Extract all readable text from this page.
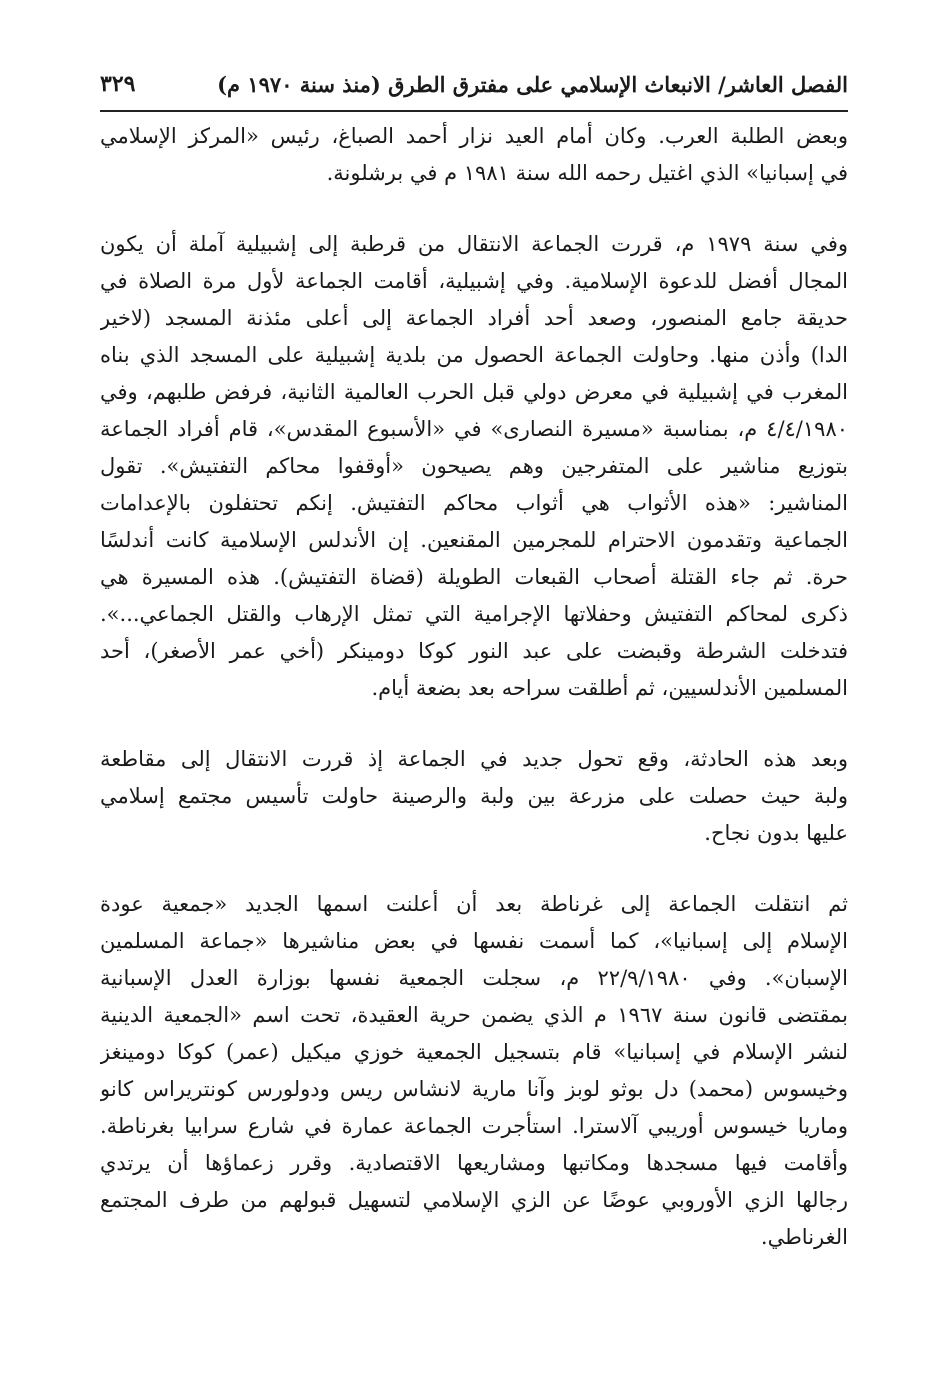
الفصل العاشر/ الانبعاث الإسلامي على مفترق الطرق (منذ سنة ١٩٧٠ م)
٣٢٩
وبعض الطلبة العرب. وكان أمام العيد نزار أحمد الصباغ، رئيس «المركز الإسلامي
في إسبانيا» الذي اغتيل رحمه الله سنة ١٩٨١ م في برشلونة.
وفي سنة ١٩٧٩ م، قررت الجماعة الانتقال من قرطبة إلى إشبيلية آملة أن يكون
المجال أفضل للدعوة الإسلامية. وفي إشبيلية، أقامت الجماعة لأول مرة الصلاة في
حديقة جامع المنصور، وصعد أحد أفراد الجماعة إلى أعلى مئذنة المسجد (لاخير
الدا) وأذن منها. وحاولت الجماعة الحصول من بلدية إشبيلية على المسجد الذي بناه
المغرب في إشبيلية في معرض دولي قبل الحرب العالمية الثانية، فرفض طلبهم، وفي
٤/٤/١٩٨٠ م، بمناسبة «مسيرة النصارى» في «الأسبوع المقدس»، قام أفراد الجماعة
بتوزيع مناشير على المتفرجين وهم يصيحون «أوقفوا محاكم التفتيش». تقول
المناشير: «هذه الأثواب هي أثواب محاكم التفتيش. إنكم تحتفلون بالإعدامات
الجماعية وتقدمون الاحترام للمجرمين المقنعين. إن الأندلس الإسلامية كانت أندلسًا
حرة. ثم جاء القتلة أصحاب القبعات الطويلة (قضاة التفتيش). هذه المسيرة هي
ذكرى لمحاكم التفتيش وحفلاتها الإجرامية التي تمثل الإرهاب والقتل الجماعي...».
فتدخلت الشرطة وقبضت على عبد النور كوكا دومينكر (أخي عمر الأصغر)، أحد
المسلمين الأندلسيين، ثم أطلقت سراحه بعد بضعة أيام.
وبعد هذه الحادثة، وقع تحول جديد في الجماعة إذ قررت الانتقال إلى مقاطعة
ولبة حيث حصلت على مزرعة بين ولبة والرصينة حاولت تأسيس مجتمع إسلامي
عليها بدون نجاح.
ثم انتقلت الجماعة إلى غرناطة بعد أن أعلنت اسمها الجديد «جمعية عودة
الإسلام إلى إسبانيا»، كما أسمت نفسها في بعض مناشيرها «جماعة المسلمين
الإسبان». وفي ٢٢/٩/١٩٨٠ م، سجلت الجمعية نفسها بوزارة العدل الإسبانية
بمقتضى قانون سنة ١٩٦٧ م الذي يضمن حرية العقيدة، تحت اسم «الجمعية الدينية
لنشر الإسلام في إسبانيا» قام بتسجيل الجمعية خوزي ميكيل (عمر) كوكا دومينغز
وخيسوس (محمد) دل بوثو لوبز وآنا مارية لانشاس ريس ودولورس كونتريراس كانو
وماريا خيسوس أوريبي آلاسترا. استأجرت الجماعة عمارة في شارع سرابيا بغرناطة.
وأقامت فيها مسجدها ومكاتبها ومشاريعها الاقتصادية. وقرر زعماؤها أن يرتدي
رجالها الزي الأوروبي عوضًا عن الزي الإسلامي لتسهيل قبولهم من طرف المجتمع
الغرناطي.
